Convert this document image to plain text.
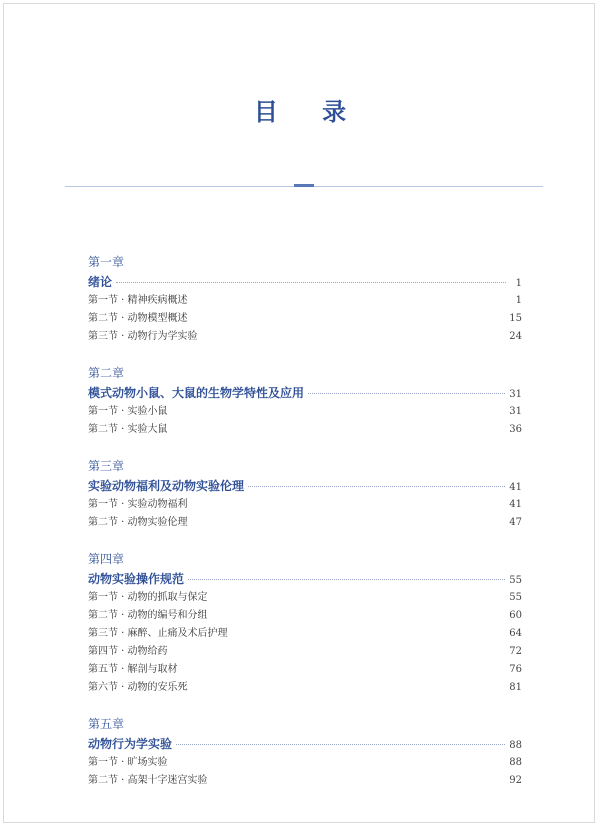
目 录
第一章
绪论	1
第一节 · 精神疾病概述	1
第二节 · 动物模型概述	15
第三节 · 动物行为学实验	24
第二章
模式动物小鼠、大鼠的生物学特性及应用	31
第一节 · 实验小鼠	31
第二节 · 实验大鼠	36
第三章
实验动物福利及动物实验伦理	41
第一节 · 实验动物福利	41
第二节 · 动物实验伦理	47
第四章
动物实验操作规范	55
第一节 · 动物的抓取与保定	55
第二节 · 动物的编号和分组	60
第三节 · 麻醉、止痛及术后护理	64
第四节 · 动物给药	72
第五节 · 解剖与取材	76
第六节 · 动物的安乐死	81
第五章
动物行为学实验	88
第一节 · 旷场实验	88
第二节 · 高架十字迷宫实验	92
